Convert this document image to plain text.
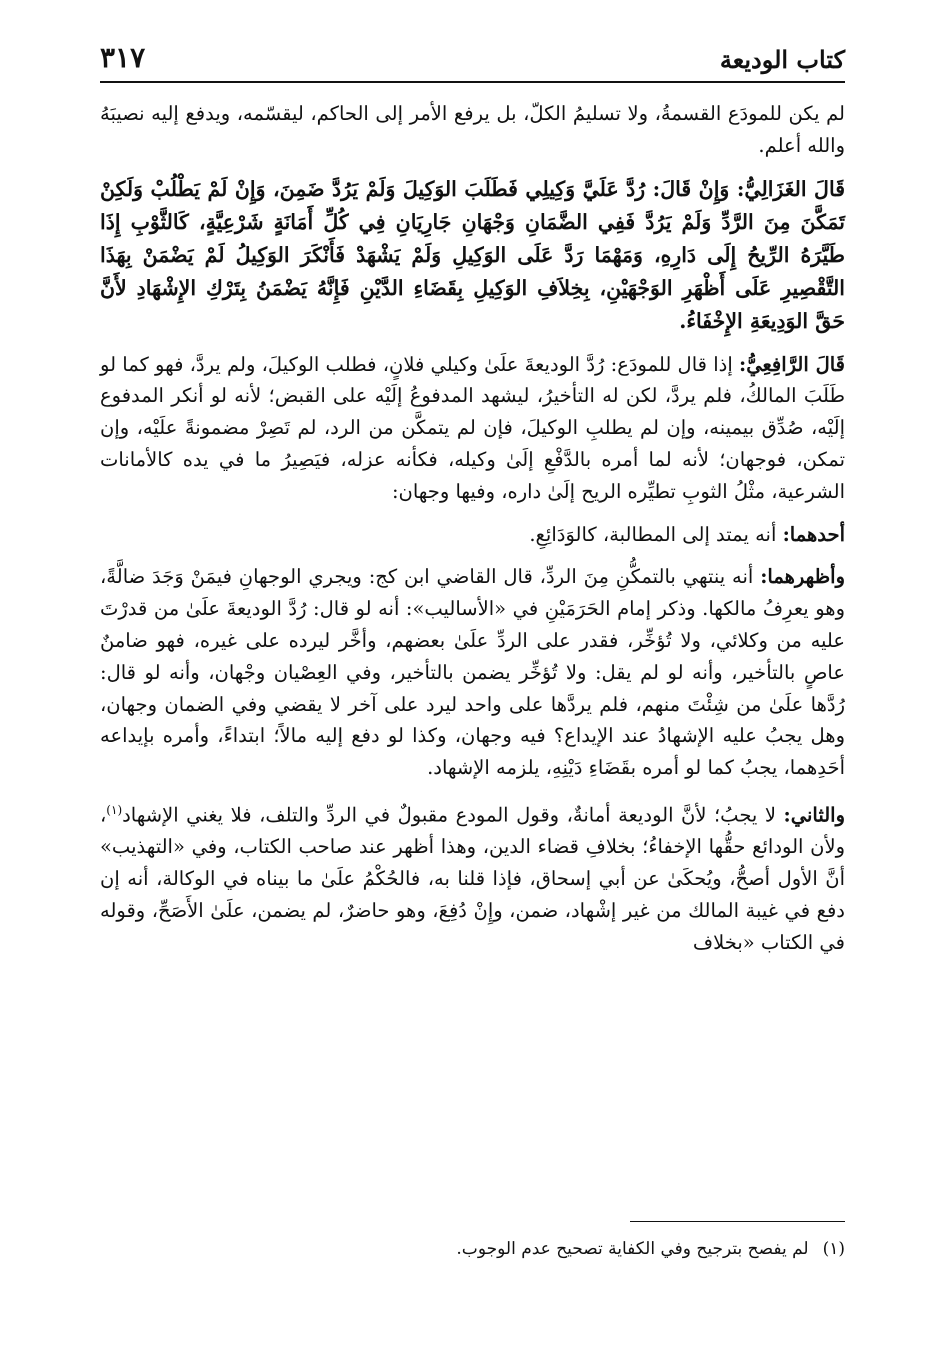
كتاب الوديعة
٣١٧

لم يكن للمودَع القسمةُ، ولا تسليمُ الكلّ، بل يرفع الأمر إلى الحاكم، ليقسّمه، ويدفع إليه نصيبَهُ والله أعلم.

قَالَ الغَزَالِيُّ: وَإِنْ قَالَ: رُدَّ عَلَيَّ وَكِيلِي فَطَلَبَ الوَكِيلَ وَلَمْ يَرُدَّ ضَمِنَ، وَإِنْ لَمْ يَطْلُبْ وَلَكِنْ تَمَكَّنَ مِنَ الرَّدِّ وَلَمْ يَرُدَّ فَفِي الضَّمَانِ وَجْهَانِ جَارِيَانِ فِي كُلِّ أَمَانَةٍ شَرْعِيَّةٍ، كَالثَّوْبِ إِذَا طَيَّرَهُ الرِّيحُ إِلَى دَارِهِ، وَمَهْمَا رَدَّ عَلَى الوَكِيلِ وَلَمْ يَشْهَدْ فَأَنْكَرَ الوَكِيلُ لَمْ يَضْمَنْ بِهَذَا التَّقْصِيرِ عَلَى أَظْهَرِ الوَجْهَيْنِ، بِخِلاَفِ الوَكِيلِ بِقَضَاءِ الدَّيْنِ فَإِنَّهُ يَضْمَنُ بِتَرْكِ الإِشْهَادِ لأَنَّ حَقَّ الوَدِيعَةِ الإِخْفَاءُ.

قَالَ الرَّافِعِيُّ: إذا قال للمودَع: رُدَّ الوديعةَ علَىٰ وكيلي فلانٍ، فطلب الوكيلَ، ولم يردَّ، فهو كما لو طَلَبَ المالكُ، فلم يردَّ، لكن له التأخيرُ، ليشهد المدفوعُ إلَيْه على القبض؛ لأنه لو أنكر المدفوع إلَيْه، صُدِّق بيمينه، وإن لم يطلبِ الوكيلَ، فإن لم يتمكَّن من الرد، لم تَصِرْ مضمونةً علَيْه، وإن تمكن، فوجهان؛ لأنه لما أمره بالدَّفْعِ إلَىٰ وكيله، فكأنه عزله، فيَصِيرُ ما في يده كالأمانات الشرعية، مثْلُ الثوبِ تطيِّره الريح إلَىٰ داره، وفيها وجهان:

أحدهما: أنه يمتد إلى المطالبة، كالوَدَائِعِ.

وأظهرهما: أنه ينتهي بالتمكُّنِ مِنَ الردِّ، قال القاضي ابن كج: ويجري الوجهانِ فيمَنْ وَجَدَ ضالَّةً، وهو يعرِفُ مالكها. وذكر إمام الحَرَمَيْنِ في «الأساليب»: أنه لو قال: رُدَّ الوديعةَ علَىٰ من قدرْتَ عليه من وكلائي، ولا تُؤخِّر، فقدر على الردِّ علَىٰ بعضهم، وأخَّر ليرده على غيره، فهو ضامنٌ عاصٍ بالتأخير، وأنه لو لم يقل: ولا تُؤخِّر يضمن بالتأخير، وفي العِصْيان وجْهان، وأنه لو قال: رُدَّها علَىٰ من شِئْتَ منهم، فلم يردَّها على واحد ليرد على آخر لا يقضي وفي الضمان وجهان، وهل يجبُ عليه الإشهادُ عند الإيداع؟ فيه وجهان، وكذا لو دفع إليه مالاً؛ ابتداءً، وأمره بإيداعه أحَدِهما، يجبُ كما لو أمره بقَضَاءِ دَيْنِهِ، يلزمه الإشهاد.

والثاني: لا يجبُ؛ لأنَّ الوديعة أمانةٌ، وقول المودع مقبولٌ في الردِّ والتلف، فلا يغني الإشهاد$^{(١)}$، ولأن الودائع حقُّها الإخفاءُ؛ بخلافِ قضاء الدين، وهذا أظهر عند صاحب الكتاب، وفي «التهذيب» أنَّ الأول أصحُّ، ويُحكَىٰ عن أبي إسحاق، فإذا قلنا به، فالحُكْمُ علَىٰ ما بيناه في الوكالة، أنه إن دفع في غيبة المالك من غير إشْهاد، ضمن، وإِنْ دُفِعَ، وهو حاضرٌ، لم يضمن، علَىٰ الأَصَحِّ، وقوله في الكتاب «بخلاف

(١)لم يفصح بترجيح وفي الكفاية تصحيح عدم الوجوب.
